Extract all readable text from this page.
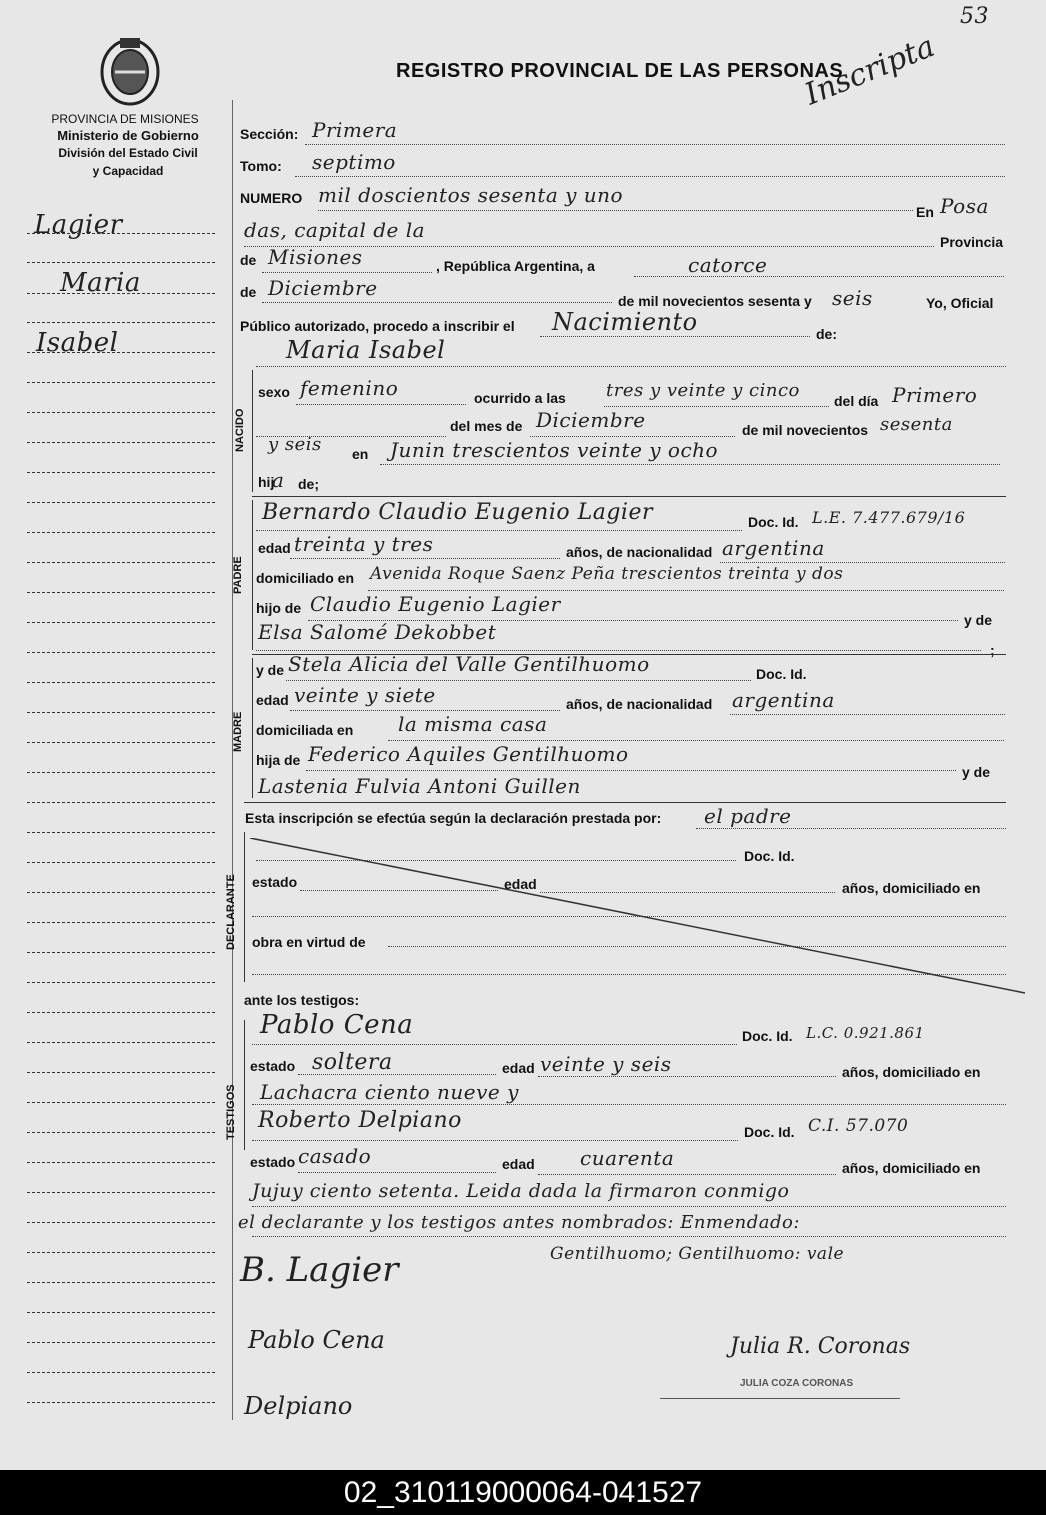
PROVINCIA DE MISIONES
Ministerio de Gobierno
División del Estado Civil
y Capacidad
REGISTRO PROVINCIAL DE LAS PERSONAS
53
Inscripta
Lagier
Maria
Isabel
Sección: Primera
Tomo: septimo
NUMERO mil doscientos sesenta y uno
En Posa
das, capital de la	Provincia
de Misiones	, República Argentina, a	catorce
de Diciembre
de mil novecientos sesenta y seis	Yo, Oficial
Público autorizado, procedo a inscribir el Nacimiento	de:
NACIDO
Maria Isabel
sexo femenino	ocurrido a las tres y veinte y cinco del día Primero
del mes de Diciembre	de mil novecientos sesenta
y seis en Junin trescientos veinte y ocho
hij
a de;
PADRE
Bernardo Claudio Eugenio Lagier	Doc. Id. L.E. 7.477.679/16
edad treinta y tres	años, de nacionalidad argentina
domiciliado en Avenida Roque Saenz Peña trescientos treinta y dos
hijo de Claudio Eugenio Lagier
y de
Elsa Salomé Dekobbet
;
MADRE
y de Stela Alicia del Valle Gentilhuomo	Doc. Id.
edad veinte y siete	años, de nacionalidad argentina
domiciliada en la misma casa
hija de Federico Aquiles Gentilhuomo
y de
Lastenia Fulvia Antoni Guillen
Esta inscripción se efectúa según la declaración prestada por: el padre
DECLARANTE
Doc. Id.
estado	edad	años, domiciliado en
obra en virtud de
ante los testigos:
TESTIGOS
Pablo Cena	Doc. Id. L.C. 0.921.861
estado soltera	edad veinte y seis	años, domiciliado en
Lachacra ciento nueve y
Roberto Delpiano	Doc. Id. C.I. 57.070
estado casado	edad cuarenta	años, domiciliado en
Jujuy ciento setenta. Leida dada la firmaron conmigo
el declarante y los testigos antes nombrados: Enmendado:
Gentilhuomo; Gentilhuomo: vale
B. Lagier
Pablo Cena
Delpiano
Julia R. Coronas
JULIA COZA CORONAS
02_310119000064-041527
